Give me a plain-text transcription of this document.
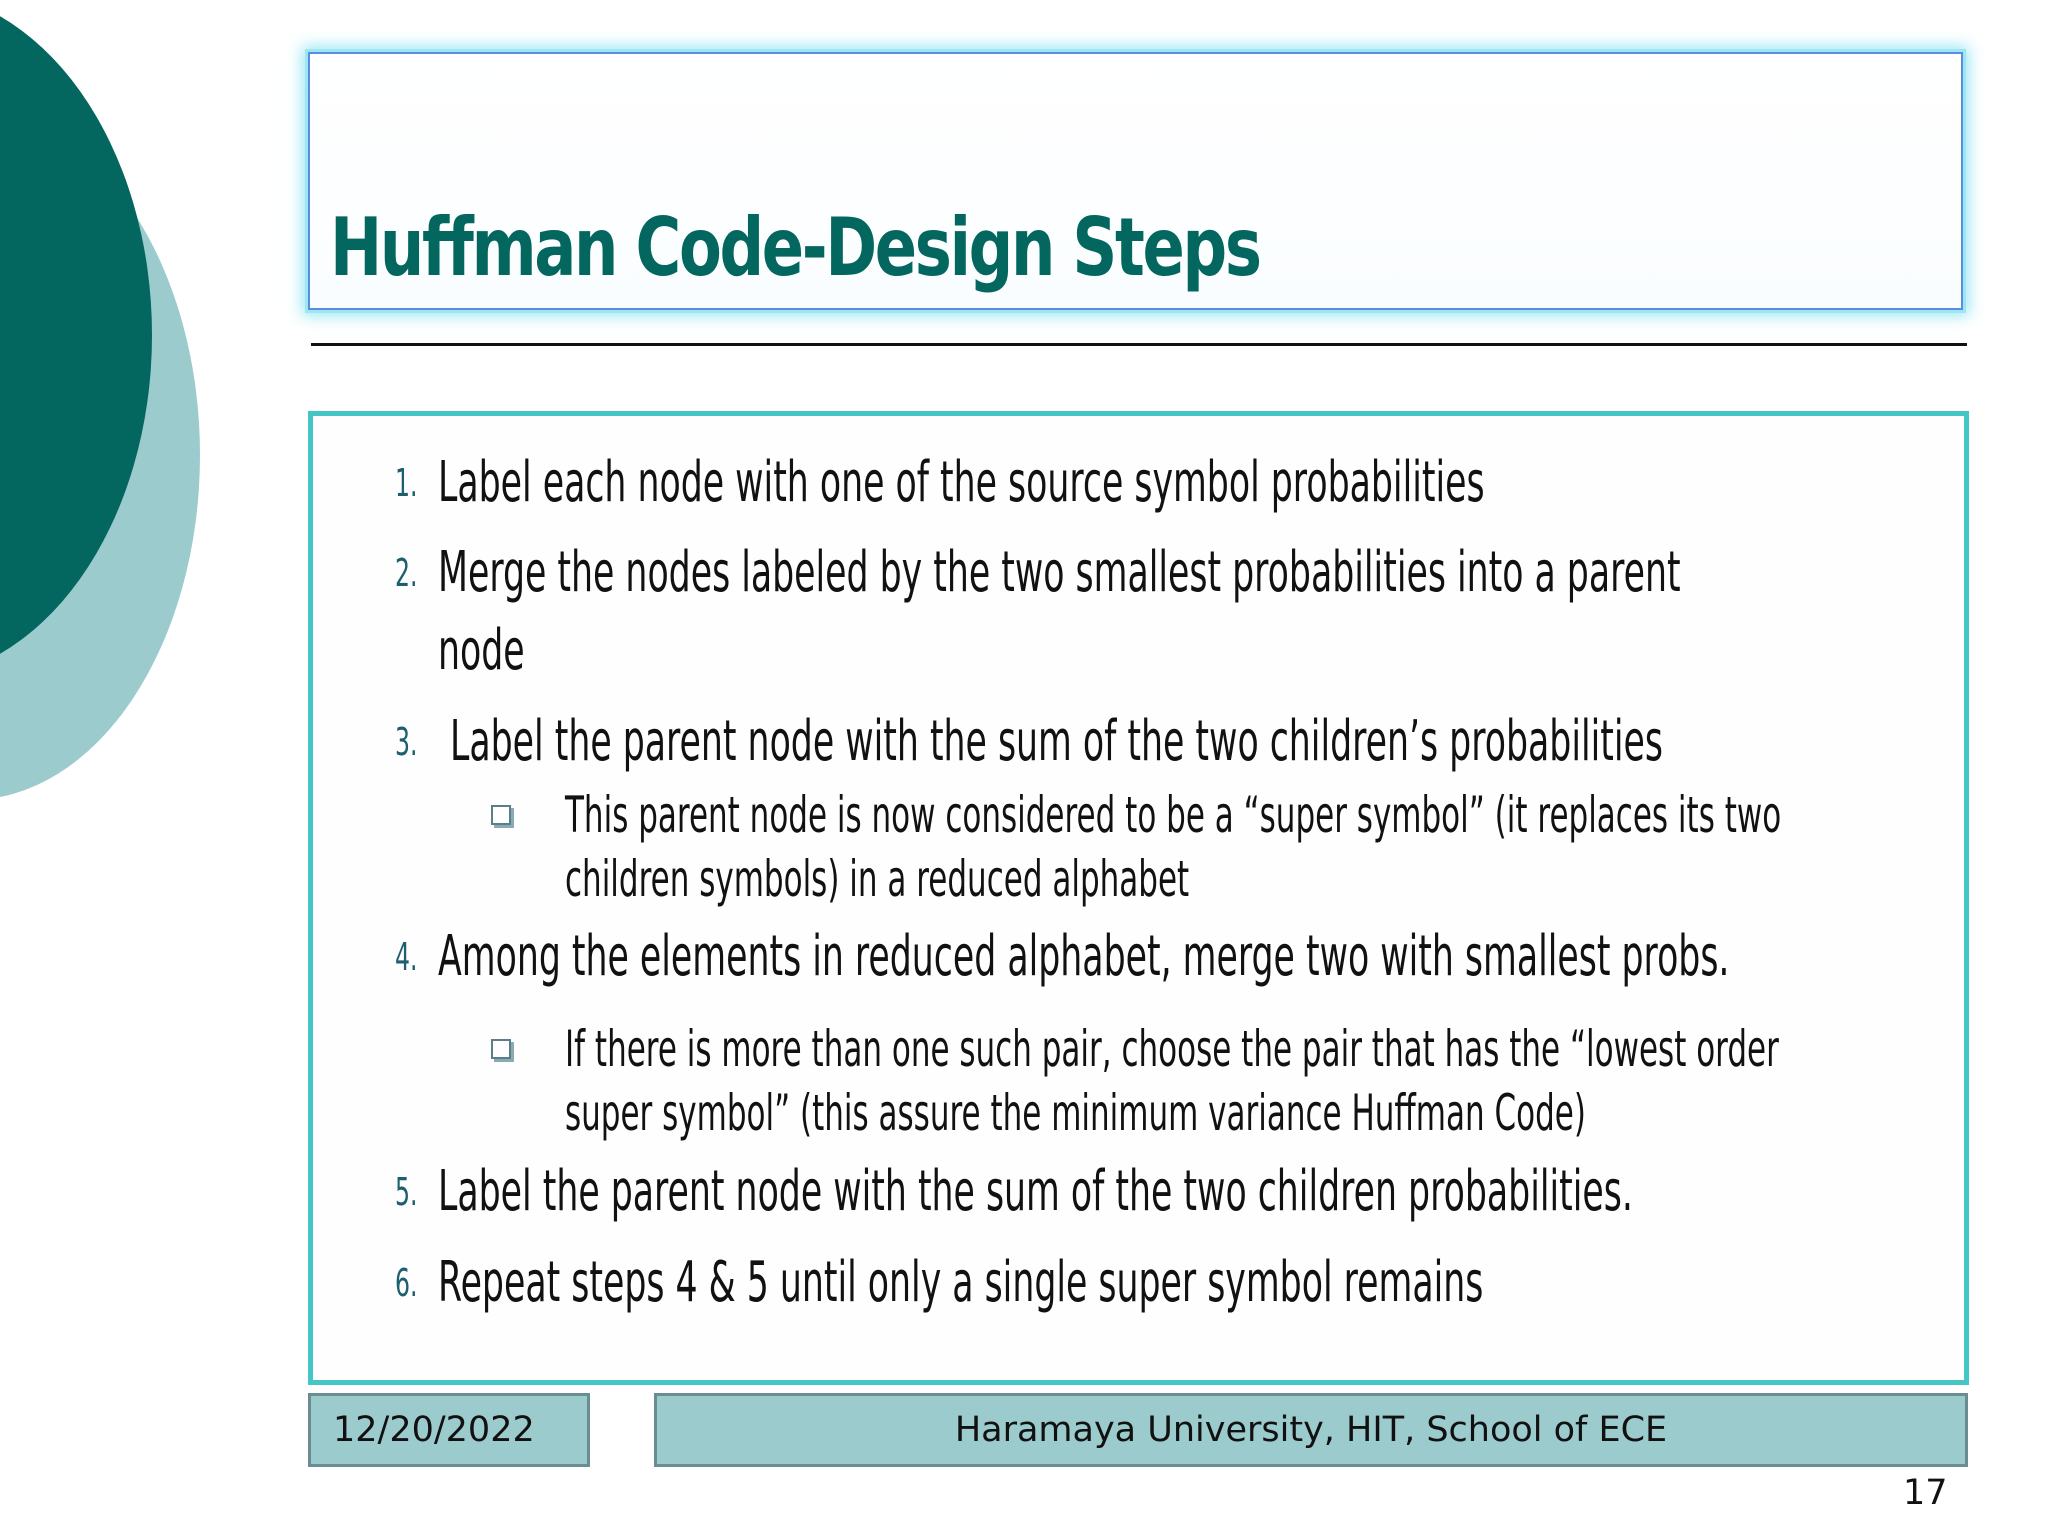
Huffman Code-Design Steps
1. Label each node with one of the source symbol probabilities
2. Merge the nodes labeled by the two smallest probabilities into a parent
node
3. Label the parent node with the sum of the two children’s probabilities
This parent node is now considered to be a “super symbol” (it replaces its two
children symbols) in a reduced alphabet
4. Among the elements in reduced alphabet, merge two with smallest probs.
If there is more than one such pair, choose the pair that has the “lowest order
super symbol” (this assure the minimum variance Huffman Code)
5. Label the parent node with the sum of the two children probabilities.
6. Repeat steps 4 & 5 until only a single super symbol remains
12/20/2022	Haramaya University, HIT, School of ECE
17
